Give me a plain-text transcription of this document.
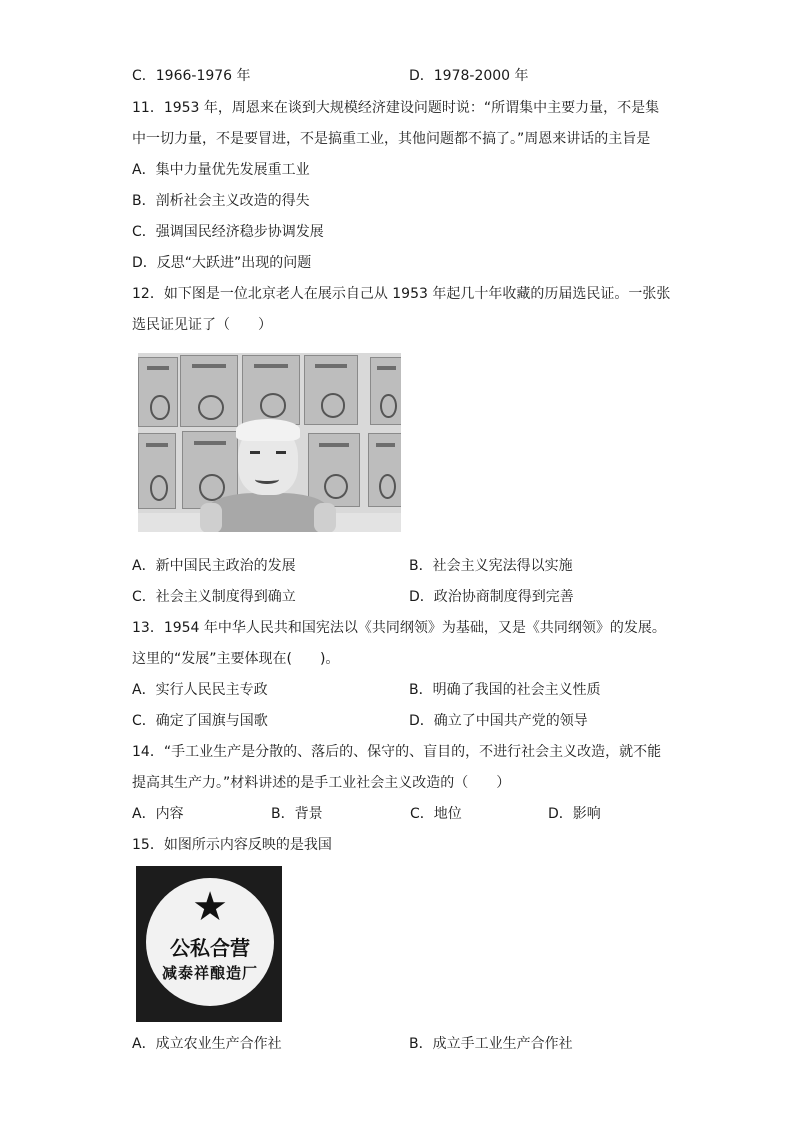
C．1966-1976 年	D．1978-2000 年
11．1953 年，周恩来在谈到大规模经济建设问题时说：“所谓集中主要力量，不是集
中一切力量，不是要冒进，不是搞重工业，其他问题都不搞了。”周恩来讲话的主旨是
A．集中力量优先发展重工业
B．剖析社会主义改造的得失
C．强调国民经济稳步协调发展
D．反思“大跃进”出现的问题
12．如下图是一位北京老人在展示自己从 1953 年起几十年收藏的历届选民证。一张张
选民证见证了（　　）
A．新中国民主政治的发展	B．社会主义宪法得以实施
C．社会主义制度得到确立	D．政治协商制度得到完善
13．1954 年中华人民共和国宪法以《共同纲领》为基础，又是《共同纲领》的发展。
这里的“发展”主要体现在(　　)。
A．实行人民民主专政	B．明确了我国的社会主义性质
C．确定了国旗与国歌	D．确立了中国共产党的领导
14．“手工业生产是分散的、落后的、保守的、盲目的，不进行社会主义改造，就不能
提高其生产力。”材料讲述的是手工业社会主义改造的（　　）
A．内容	B．背景	C．地位	D．影响
15．如图所示内容反映的是我国
★
公私合营
减泰祥酿造厂
A．成立农业生产合作社	B．成立手工业生产合作社
